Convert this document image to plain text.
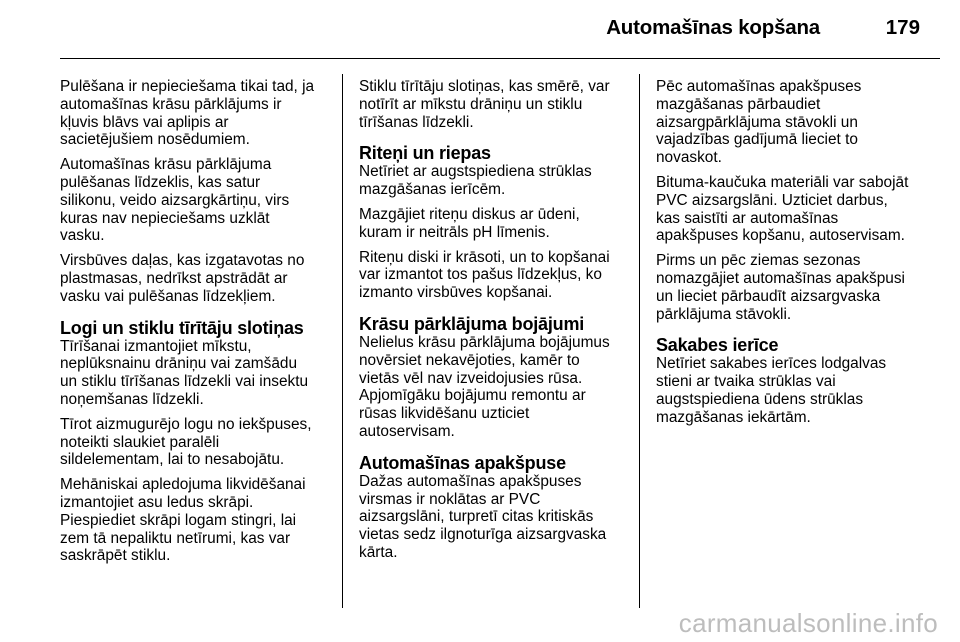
Automašīnas kopšana	179

Pulēšana ir nepieciešama tikai tad, ja
automašīnas krāsu pārklājums ir
kļuvis blāvs vai aplipis ar
sacietējušiem nosēdumiem.

Automašīnas krāsu pārklājuma
pulēšanas līdzeklis, kas satur
silikonu, veido aizsargkārtiņu, virs
kuras nav nepieciešams uzklāt
vasku.

Virsbūves daļas, kas izgatavotas no
plastmasas, nedrīkst apstrādāt ar
vasku vai pulēšanas līdzekļiem.

Logi un stiklu tīrītāju slotiņas

Tīrīšanai izmantojiet mīkstu,
neplūksnainu drāniņu vai zamšādu
un stiklu tīrīšanas līdzekli vai insektu
noņemšanas līdzekli.

Tīrot aizmugurējo logu no iekšpuses,
noteikti slaukiet paralēli
sildelementam, lai to nesabojātu.

Mehāniskai apledojuma likvidēšanai
izmantojiet asu ledus skrāpi.
Piespiediet skrāpi logam stingri, lai
zem tā nepaliktu netīrumi, kas var
saskrāpēt stiklu.

Stiklu tīrītāju slotiņas, kas smērē, var
notīrīt ar mīkstu drāniņu un stiklu
tīrīšanas līdzekli.

Riteņi un riepas

Netīriet ar augstspiediena strūklas
mazgāšanas ierīcēm.

Mazgājiet riteņu diskus ar ūdeni,
kuram ir neitrāls pH līmenis.

Riteņu diski ir krāsoti, un to kopšanai
var izmantot tos pašus līdzekļus, ko
izmanto virsbūves kopšanai.

Krāsu pārklājuma bojājumi

Nelielus krāsu pārklājuma bojājumus
novērsiet nekavējoties, kamēr to
vietās vēl nav izveidojusies rūsa.
Apjomīgāku bojājumu remontu ar
rūsas likvidēšanu uzticiet
autoservisam.

Automašīnas apakšpuse

Dažas automašīnas apakšpuses
virsmas ir noklātas ar PVC
aizsargslāni, turpretī citas kritiskās
vietas sedz ilgnoturīga aizsargvaska
kārta.

Pēc automašīnas apakšpuses
mazgāšanas pārbaudiet
aizsargpārklājuma stāvokli un
vajadzības gadījumā lieciet to
novaskot.

Bituma-kaučuka materiāli var sabojāt
PVC aizsargslāni. Uzticiet darbus,
kas saistīti ar automašīnas
apakšpuses kopšanu, autoservisam.

Pirms un pēc ziemas sezonas
nomazgājiet automašīnas apakšpusi
un lieciet pārbaudīt aizsargvaska
pārklājuma stāvokli.

Sakabes ierīce

Netīriet sakabes ierīces lodgalvas
stieni ar tvaika strūklas vai
augstspiediena ūdens strūklas
mazgāšanas iekārtām.

carmanualsonline.info
